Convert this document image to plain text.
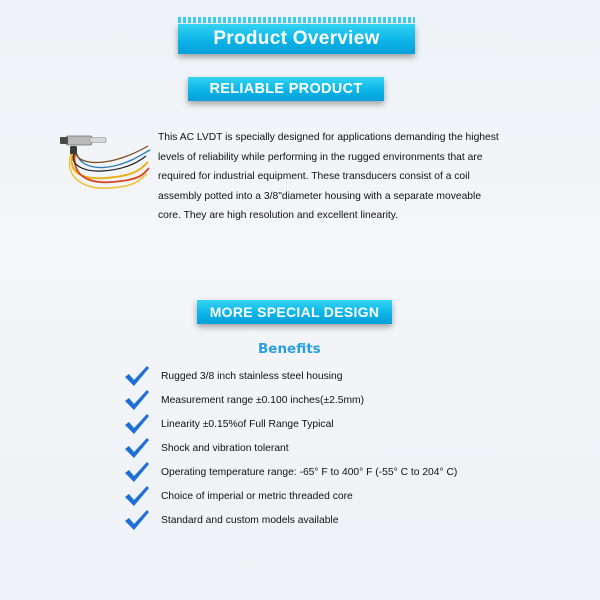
Product Overview
RELIABLE PRODUCT
This AC LVDT is specially designed for applications demanding the highest
levels of reliability while performing in the rugged environments that are
required for industrial equipment. These transducers consist of a coil
assembly potted into a 3/8"diameter housing with a separate moveable
core. They are high resolution and excellent linearity.
MORE SPECIAL DESIGN
Benefits
Rugged 3/8 inch stainless steel housing
Measurement range ±0.100 inches(±2.5mm)
Linearity ±0.15%of Full Range Typical
Shock and vibration tolerant
Operating temperature range: -65° F to 400° F (-55° C to 204° C)
Choice of imperial or metric threaded core
Standard and custom models available
